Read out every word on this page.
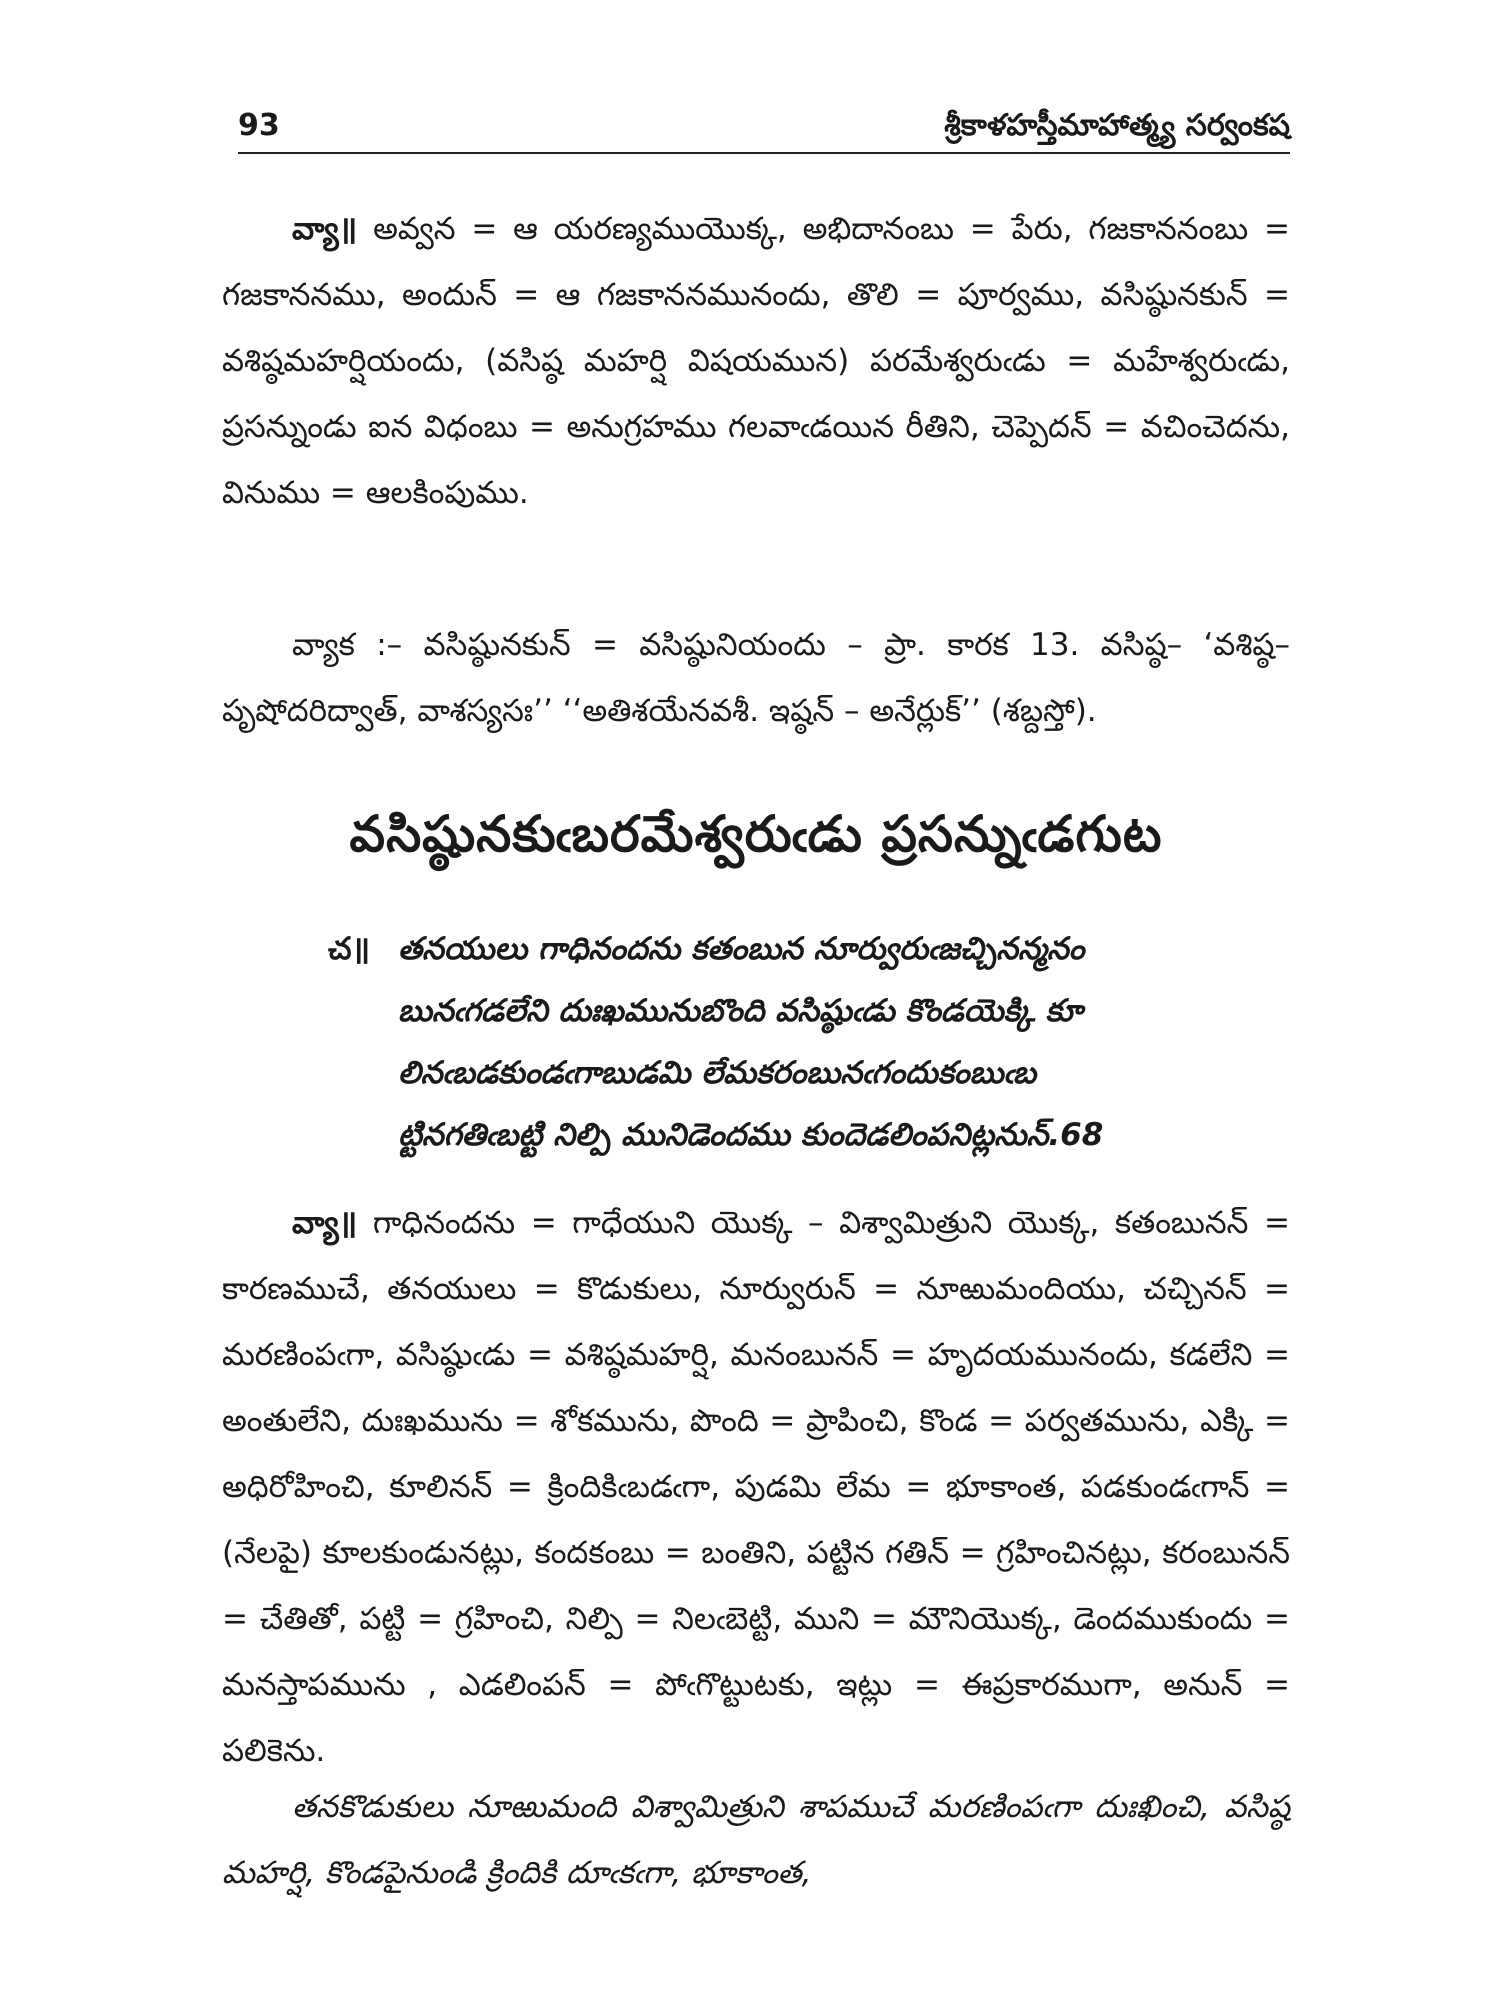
93	శ్రీకాళహస్తీమాహాత్మ్య సర్వంకష

వ్యా॥ అవ్వన = ఆ యరణ్యముయొక్క, అభిదానంబు = పేరు, గజకాననంబు = గజకాననము, అందున్ = ఆ గజకాననమునందు, తొలి = పూర్వము, వసిష్ఠునకున్ = వశిష్ఠమహర్షియందు, (వసిష్ఠ మహర్షి విషయమున) పరమేశ్వరుఁడు = మహేశ్వరుఁడు, ప్రసన్నుండు ఐన విధంబు = అనుగ్రహము గలవాఁడయిన రీతిని, చెప్పెదన్ = వచించెదను, వినుము = ఆలకింపుము.

వ్యాక :– వసిష్ఠునకున్ = వసిష్ఠునియందు – ప్రా. కారక 13. వసిష్ఠ– ‘వశిష్ఠ– పృషోదరిద్వాత్, వాశస్యసః’’ ‘‘అతిశయేనవశీ. ఇష్ఠన్ – అనేర్లుక్’’ (శబ్దస్తో).

వసిష్ఠునకుఁబరమేశ్వరుఁడు ప్రసన్నుఁడగుట
చ॥ తనయులు గాధినందను కతంబున నూర్వురుఁజచ్చినన్మనం
బునఁగడలేని దుఃఖమునుబొంది వసిష్ఠుఁడు కొండయెక్కి కూ
లినఁబడకుండఁగాబుడమి లేమకరంబునఁగందుకంబుఁబ
ట్టినగతిఁబట్టి నిల్పి మునిడెందము కుందెడలింపనిట్లనున్.68

వ్యా॥ గాధినందను = గాధేయుని యొక్క – విశ్వామిత్రుని యొక్క, కతంబునన్ = కారణముచే, తనయులు = కొడుకులు, నూర్వురున్ = నూఱుమందియు, చచ్చినన్ = మరణింపఁగా, వసిష్ఠుఁడు = వశిష్ఠమహర్షి, మనంబునన్ = హృదయమునందు, కడలేని = అంతులేని, దుఃఖమును = శోకమును, పొంది = ప్రాపించి, కొండ = పర్వతమును, ఎక్కి = అధిరోహించి, కూలినన్ = క్రిందికిఁబడఁగా, పుడమి లేమ = భూకాంత, పడకుండఁగాన్ = (నేలపై) కూలకుండునట్లు, కందకంబు = బంతిని, పట్టిన గతిన్ = గ్రహించినట్లు, కరంబునన్ = చేతితో, పట్టి = గ్రహించి, నిల్పి = నిలఁబెట్టి, ముని = మౌనియొక్క, డెందముకుందు = మనస్తాపమును , ఎడలింపన్ = పోఁగొట్టుటకు, ఇట్లు = ఈప్రకారముగా, అనున్ = పలికెను.

తనకొడుకులు నూఱుమంది విశ్వామిత్రుని శాపముచే మరణింపఁగా దుఃఖించి, వసిష్ఠ మహర్షి, కొండపైనుండి క్రిందికి దూఁకఁగా, భూకాంత,
